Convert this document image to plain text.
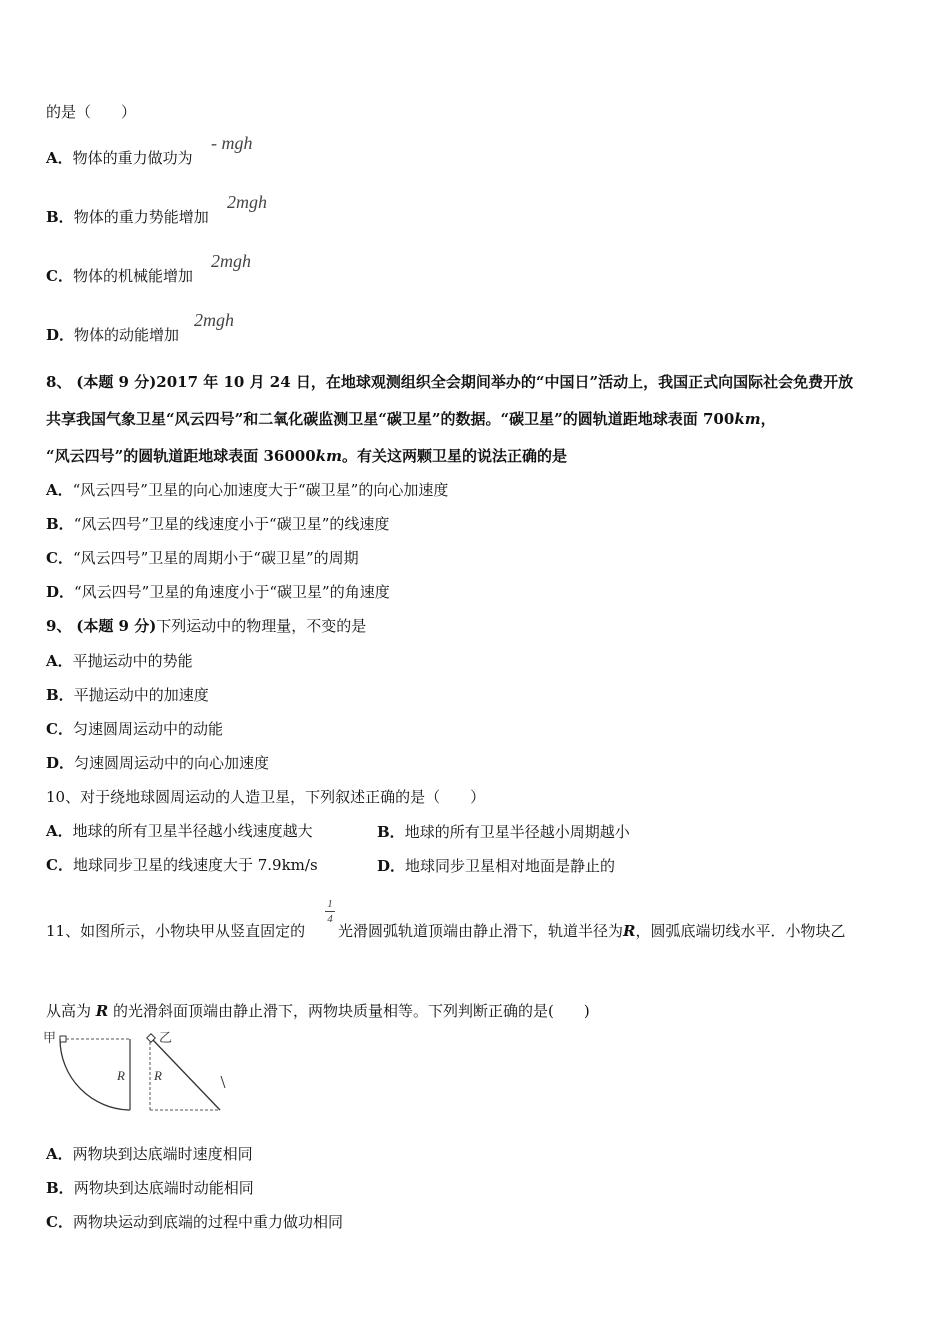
的是（　　）
A．物体的重力做功为
- mgh
B．物体的重力势能增加
2mgh
C．物体的机械能增加
2mgh
D．物体的动能增加
2mgh
8、 (本题 9 分)2017 年 10 月 24 日，在地球观测组织全会期间举办的“中国日”活动上，我国正式向国际社会免费开放
共享我国气象卫星“风云四号”和二氧化碳监测卫星“碳卫星”的数据。“碳卫星”的圆轨道距地球表面 700km，
“风云四号”的圆轨道距地球表面 36000km。有关这两颗卫星的说法正确的是
A．“风云四号”卫星的向心加速度大于“碳卫星”的向心加速度
B．“风云四号”卫星的线速度小于“碳卫星”的线速度
C．“风云四号”卫星的周期小于“碳卫星”的周期
D．“风云四号”卫星的角速度小于“碳卫星”的角速度
9、 (本题 9 分)下列运动中的物理量，不变的是
A．平抛运动中的势能
B．平抛运动中的加速度
C．匀速圆周运动中的动能
D．匀速圆周运动中的向心加速度
10、对于绕地球圆周运动的人造卫星，下列叙述正确的是（　　）
A．地球的所有卫星半径越小线速度越大	B．地球的所有卫星半径越小周期越小
C．地球同步卫星的线速度大于 7.9km/s	D．地球同步卫星相对地面是静止的
11、如图所示，小物块甲从竖直固定的
1
4
光滑圆弧轨道顶端由静止滑下，轨道半径为R，圆弧底端切线水平．小物块乙
从高为 R 的光滑斜面顶端由静止滑下，两物块质量相等。下列判断正确的是(　　)
甲
R
乙
R
A．两物块到达底端时速度相同
B．两物块到达底端时动能相同
C．两物块运动到底端的过程中重力做功相同
